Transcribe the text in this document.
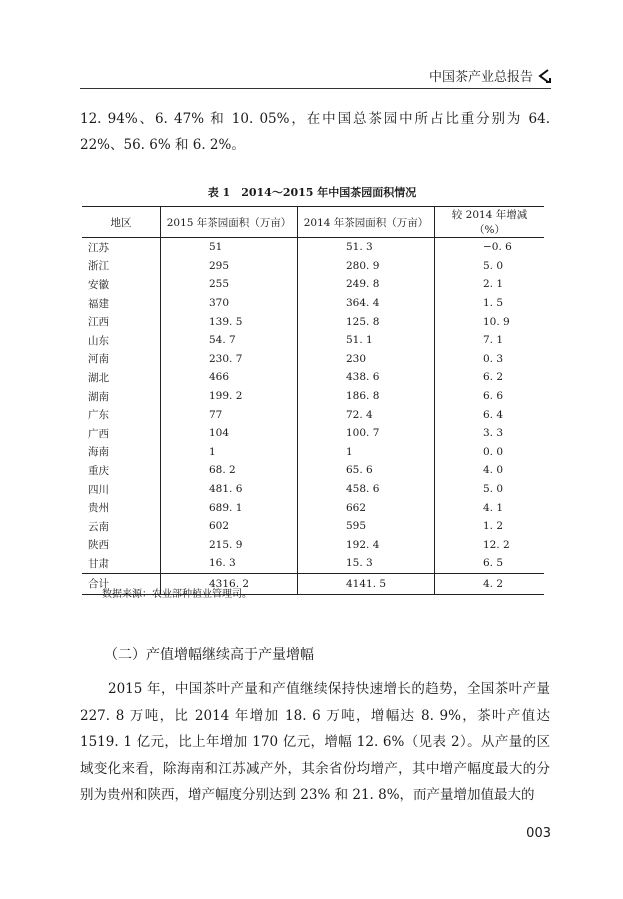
中国茶产业总报告

12. 94%、6. 47% 和 10. 05%，在中国总茶园中所占比重分别为 64. 22%、56. 6% 和 6. 2%。

表 1　2014～2015 年中国茶园面积情况
地区	2015 年茶园面积（万亩）	2014 年茶园面积（万亩）	较 2014 年增减（%）
江苏	51	51. 3	−0. 6
浙江	295	280. 9	5. 0
安徽	255	249. 8	2. 1
福建	370	364. 4	1. 5
江西	139. 5	125. 8	10. 9
山东	54. 7	51. 1	7. 1
河南	230. 7	230	0. 3
湖北	466	438. 6	6. 2
湖南	199. 2	186. 8	6. 6
广东	77	72. 4	6. 4
广西	104	100. 7	3. 3
海南	1	1	0. 0
重庆	68. 2	65. 6	4. 0
四川	481. 6	458. 6	5. 0
贵州	689. 1	662	4. 1
云南	602	595	1. 2
陕西	215. 9	192. 4	12. 2
甘肃	16. 3	15. 3	6. 5
合计	4316. 2	4141. 5	4. 2
数据来源：农业部种植业管理司。
（二）产值增幅继续高于产量增幅

2015 年，中国茶叶产量和产值继续保持快速增长的趋势，全国茶叶产量 227. 8 万吨，比 2014 年增加 18. 6 万吨，增幅达 8. 9%，茶叶产值达 1519. 1 亿元，比上年增加 170 亿元，增幅 12. 6%（见表 2）。从产量的区域变化来看，除海南和江苏减产外，其余省份均增产，其中增产幅度最大的分别为贵州和陕西，增产幅度分别达到 23% 和 21. 8%，而产量增加值最大的

003
